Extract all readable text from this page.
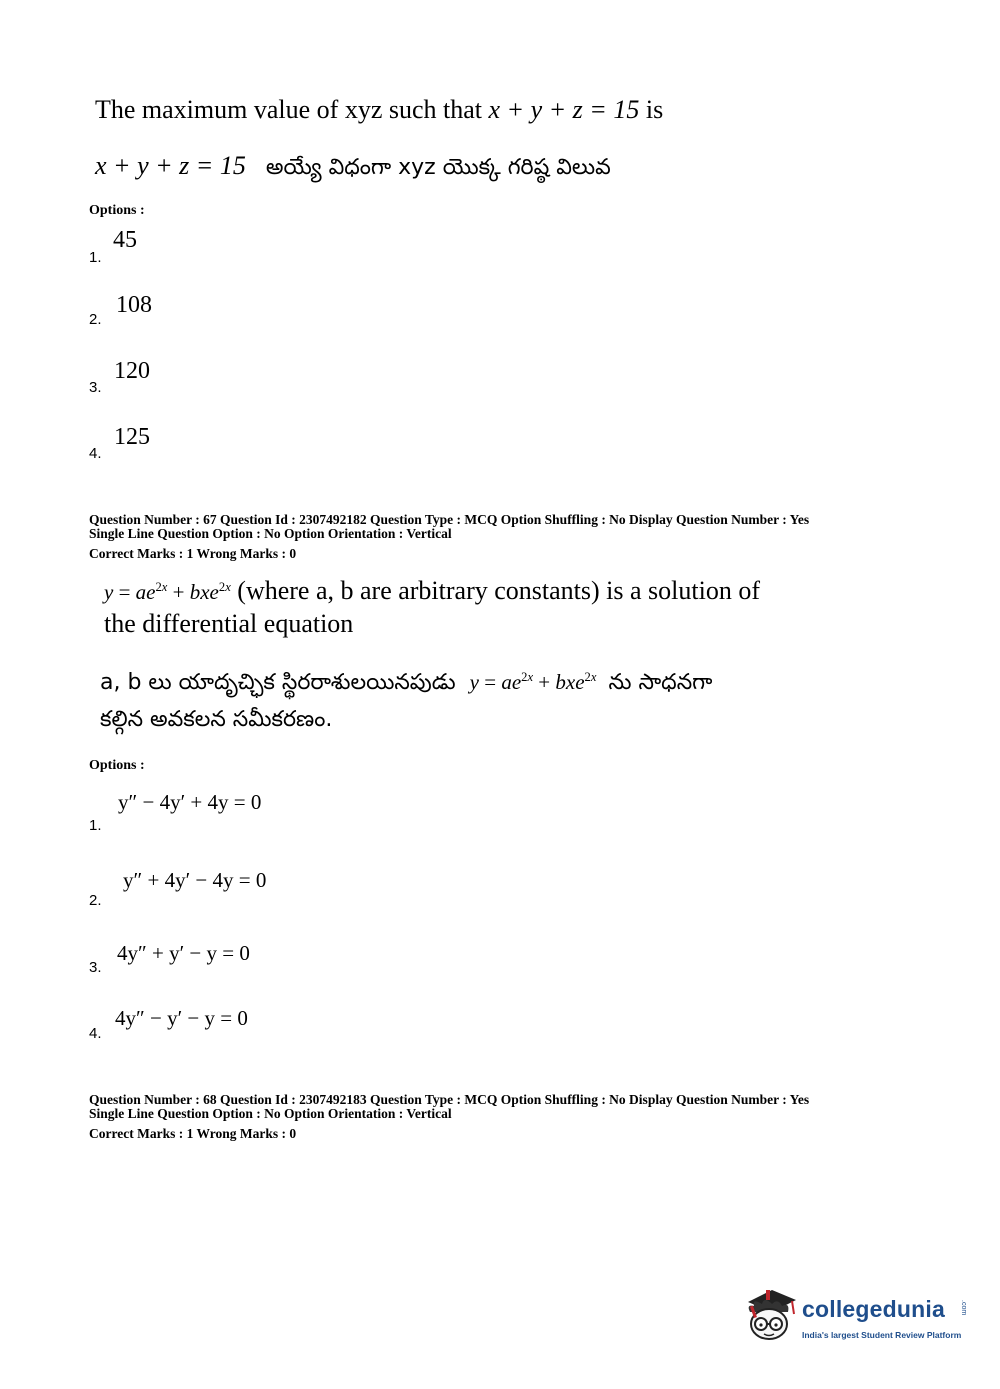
The maximum value of xyz such that x + y + z = 15 is
x + y + z = 15 అయ్యే విధంగా xyz యొక్క గరిష్ఠ విలువ
Options :
1.
45
2.
108
3.
120
4.
125
Question Number : 67 Question Id : 2307492182 Question Type : MCQ Option Shuffling : No Display Question Number : Yes
Single Line Question Option : No Option Orientation : Vertical
Correct Marks : 1 Wrong Marks : 0
$y = ae^{2x} + bxe^{2x}$ (where a, b are arbitrary constants) is a solution of
the differential equation
a, b లు యాదృచ్ఛిక స్థిరరాశులయినపుడు $y = ae^{2x} + bxe^{2x}$ ను సాధనగా
కల్గిన అవకలన సమీకరణం.
Options :
1.
y″ − 4y′ + 4y = 0
2.
y″ + 4y′ − 4y = 0
3.
4y″ + y′ − y = 0
4.
4y″ − y′ − y = 0
Question Number : 68 Question Id : 2307492183 Question Type : MCQ Option Shuffling : No Display Question Number : Yes
Single Line Question Option : No Option Orientation : Vertical
Correct Marks : 1 Wrong Marks : 0
collegedunia .com
India's largest Student Review Platform
